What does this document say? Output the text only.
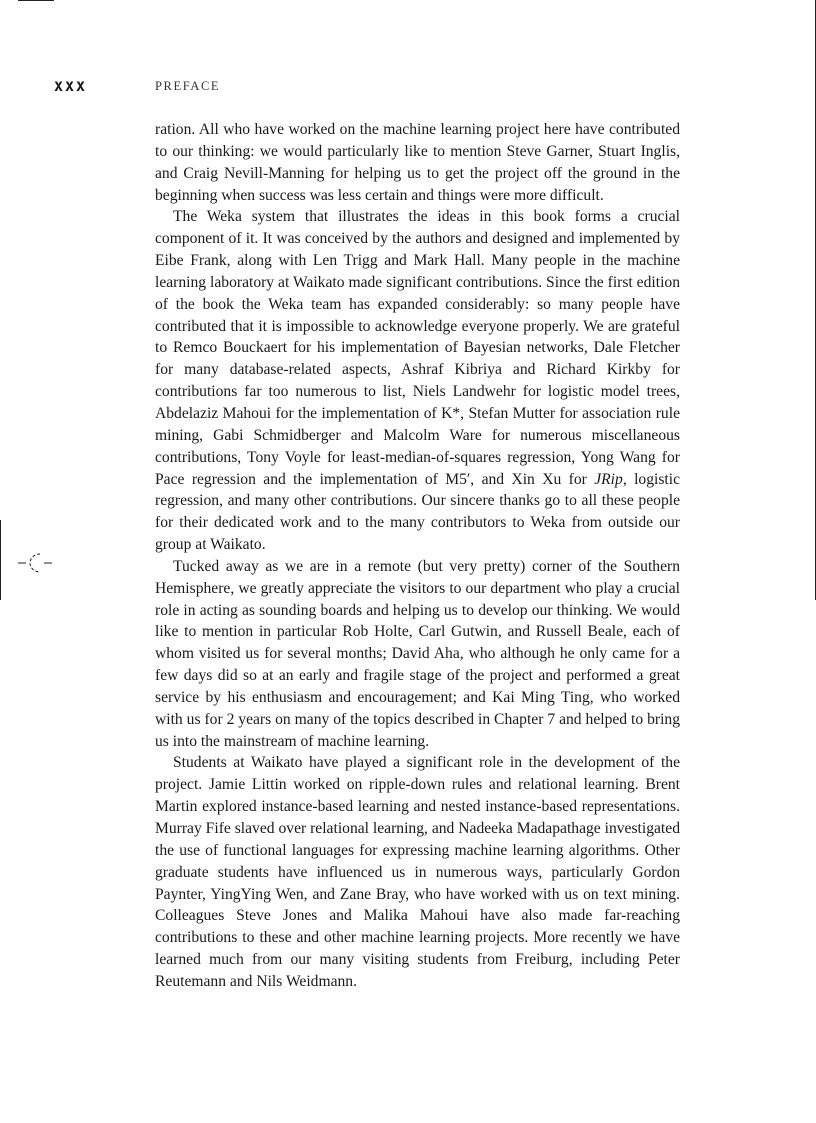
xxx	PREFACE

ration. All who have worked on the machine learning project here have contributed to our thinking: we would particularly like to mention Steve Garner, Stuart Inglis, and Craig Nevill-Manning for helping us to get the project off the ground in the beginning when success was less certain and things were more difficult.

The Weka system that illustrates the ideas in this book forms a crucial component of it. It was conceived by the authors and designed and implemented by Eibe Frank, along with Len Trigg and Mark Hall. Many people in the machine learning laboratory at Waikato made significant contributions. Since the first edition of the book the Weka team has expanded considerably: so many people have contributed that it is impossible to acknowledge everyone properly. We are grateful to Remco Bouckaert for his implementation of Bayesian networks, Dale Fletcher for many database-related aspects, Ashraf Kibriya and Richard Kirkby for contributions far too numerous to list, Niels Landwehr for logistic model trees, Abdelaziz Mahoui for the implementation of K*, Stefan Mutter for association rule mining, Gabi Schmidberger and Malcolm Ware for numerous miscellaneous contributions, Tony Voyle for least-median-of-squares regression, Yong Wang for Pace regression and the implementation of M5′, and Xin Xu for JRip, logistic regression, and many other contributions. Our sincere thanks go to all these people for their dedicated work and to the many contributors to Weka from outside our group at Waikato.

Tucked away as we are in a remote (but very pretty) corner of the Southern Hemisphere, we greatly appreciate the visitors to our department who play a crucial role in acting as sounding boards and helping us to develop our thinking. We would like to mention in particular Rob Holte, Carl Gutwin, and Russell Beale, each of whom visited us for several months; David Aha, who although he only came for a few days did so at an early and fragile stage of the project and performed a great service by his enthusiasm and encouragement; and Kai Ming Ting, who worked with us for 2 years on many of the topics described in Chapter 7 and helped to bring us into the mainstream of machine learning.

Students at Waikato have played a significant role in the development of the project. Jamie Littin worked on ripple-down rules and relational learning. Brent Martin explored instance-based learning and nested instance-based representations. Murray Fife slaved over relational learning, and Nadeeka Madapathage investigated the use of functional languages for expressing machine learning algorithms. Other graduate students have influenced us in numerous ways, particularly Gordon Paynter, YingYing Wen, and Zane Bray, who have worked with us on text mining. Colleagues Steve Jones and Malika Mahoui have also made far-reaching contributions to these and other machine learning projects. More recently we have learned much from our many visiting students from Freiburg, including Peter Reutemann and Nils Weidmann.
